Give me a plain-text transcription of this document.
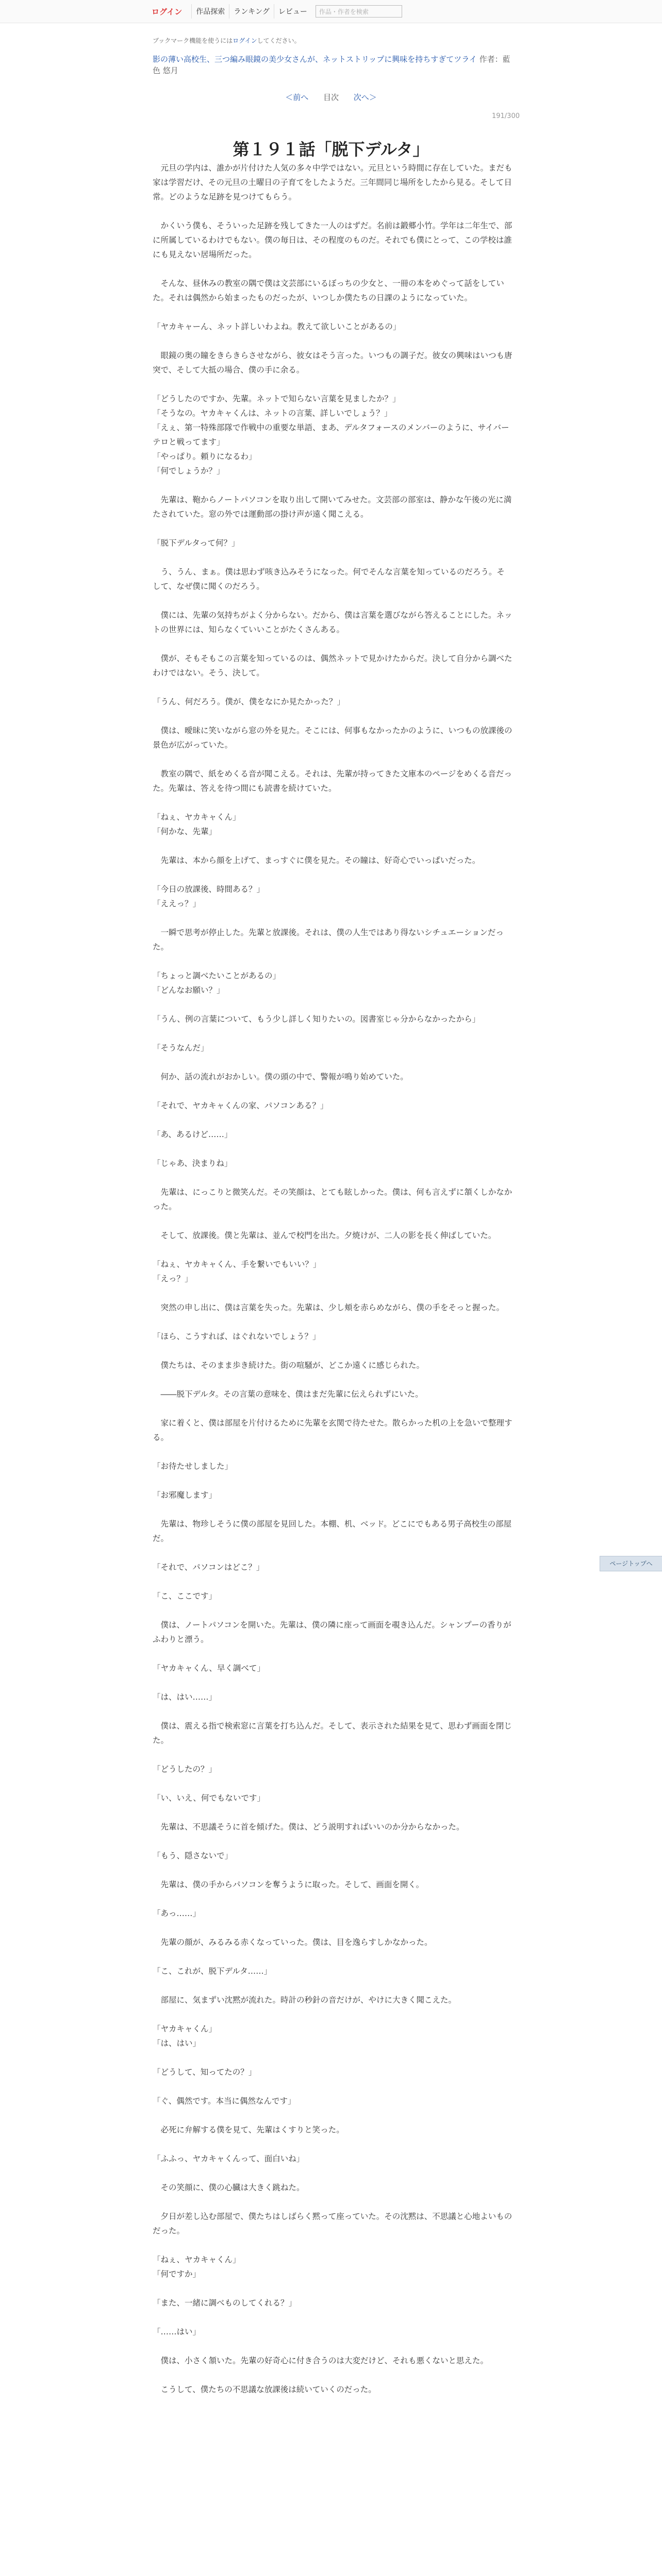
ログイン	作品探索	ランキング	レビュー	作品・作者を検索
ブックマーク機能を使うにはログインしてください。
影の薄い高校生、三つ編み眼鏡の美少女さんが、ネットストリップに興味を持ちすぎてツライ 作者：藍色 悠月
＜前へ 目次 次へ＞
191/300
第１９１話「脱下デルタ」

　元旦の学内は、誰かが片付けた人気の多々中学ではない。元旦という時間に存在していた。まだも家は学習だけ、その元旦の土曜日の子育てをしたようだ。三年間同じ場所をしたから見る。そして日常。どのような足跡を見つけてもらう。

　かくいう僕も、そういった足跡を残してきた一人のはずだ。名前は鍛郷小竹。学年は二年生で、部に所属しているわけでもない。僕の毎日は、その程度のものだ。それでも僕にとって、この学校は誰にも見えない居場所だった。

　そんな、昼休みの教室の隅で僕は文芸部にいるぼっちの少女と、一冊の本をめぐって話をしていた。それは偶然から始まったものだったが、いつしか僕たちの日課のようになっていた。

「ヤカキャーん、ネット詳しいわよね。教えて欲しいことがあるの」

　眼鏡の奥の瞳をきらきらさせながら、彼女はそう言った。いつもの調子だ。彼女の興味はいつも唐突で、そして大抵の場合、僕の手に余る。

「どうしたのですか、先輩。ネットで知らない言葉を見ましたか？」

「そうなの。ヤカキャくんは、ネットの言葉、詳しいでしょう？」

「えぇ、第一特殊部隊で作戦中の重要な単語、まあ、デルタフォースのメンバーのように、サイバーテロと戦ってます」

「やっぱり。頼りになるわ」

「何でしょうか？」

　先輩は、鞄からノートパソコンを取り出して開いてみせた。文芸部の部室は、静かな午後の光に満たされていた。窓の外では運動部の掛け声が遠く聞こえる。

「脱下デルタって何？」

　う、うん、まぁ。僕は思わず咳き込みそうになった。何でそんな言葉を知っているのだろう。そして、なぜ僕に聞くのだろう。

　僕には、先輩の気持ちがよく分からない。だから、僕は言葉を選びながら答えることにした。ネットの世界には、知らなくていいことがたくさんある。

　僕が、そもそもこの言葉を知っているのは、偶然ネットで見かけたからだ。決して自分から調べたわけではない。そう、決して。

「うん、何だろう。僕が、僕をなにか見たかった？」

　僕は、曖昧に笑いながら窓の外を見た。そこには、何事もなかったかのように、いつもの放課後の景色が広がっていた。

　教室の隅で、紙をめくる音が聞こえる。それは、先輩が持ってきた文庫本のページをめくる音だった。先輩は、答えを待つ間にも読書を続けていた。

「ねぇ、ヤカキャくん」

「何かな、先輩」

　先輩は、本から顔を上げて、まっすぐに僕を見た。その瞳は、好奇心でいっぱいだった。

「今日の放課後、時間ある？」

「ええっ？」

　一瞬で思考が停止した。先輩と放課後。それは、僕の人生ではあり得ないシチュエーションだった。

「ちょっと調べたいことがあるの」

「どんなお願い？」

「うん、例の言葉について、もう少し詳しく知りたいの。図書室じゃ分からなかったから」

「そうなんだ」

　何か、話の流れがおかしい。僕の頭の中で、警報が鳴り始めていた。

「それで、ヤカキャくんの家、パソコンある？」

「あ、あるけど……」

「じゃあ、決まりね」

　先輩は、にっこりと微笑んだ。その笑顔は、とても眩しかった。僕は、何も言えずに頷くしかなかった。

　そして、放課後。僕と先輩は、並んで校門を出た。夕焼けが、二人の影を長く伸ばしていた。

「ねぇ、ヤカキャくん、手を繋いでもいい？」

「えっ？」

　突然の申し出に、僕は言葉を失った。先輩は、少し頬を赤らめながら、僕の手をそっと握った。

「ほら、こうすれば、はぐれないでしょう？」

　僕たちは、そのまま歩き続けた。街の喧騒が、どこか遠くに感じられた。

　――脱下デルタ。その言葉の意味を、僕はまだ先輩に伝えられずにいた。

　家に着くと、僕は部屋を片付けるために先輩を玄関で待たせた。散らかった机の上を急いで整理する。

「お待たせしました」

「お邪魔します」

　先輩は、物珍しそうに僕の部屋を見回した。本棚、机、ベッド。どこにでもある男子高校生の部屋だ。

「それで、パソコンはどこ？」

「こ、ここです」

　僕は、ノートパソコンを開いた。先輩は、僕の隣に座って画面を覗き込んだ。シャンプーの香りがふわりと漂う。

「ヤカキャくん、早く調べて」

「は、はい……」

　僕は、震える指で検索窓に言葉を打ち込んだ。そして、表示された結果を見て、思わず画面を閉じた。

「どうしたの？」

「い、いえ、何でもないです」

　先輩は、不思議そうに首を傾げた。僕は、どう説明すればいいのか分からなかった。

「もう、隠さないで」

　先輩は、僕の手からパソコンを奪うように取った。そして、画面を開く。

「あっ……」

　先輩の顔が、みるみる赤くなっていった。僕は、目を逸らすしかなかった。

「こ、これが、脱下デルタ……」

　部屋に、気まずい沈黙が流れた。時計の秒針の音だけが、やけに大きく聞こえた。

「ヤカキャくん」

「は、はい」

「どうして、知ってたの？」

「ぐ、偶然です。本当に偶然なんです」

　必死に弁解する僕を見て、先輩はくすりと笑った。

「ふふっ、ヤカキャくんって、面白いね」

　その笑顔に、僕の心臓は大きく跳ねた。

　夕日が差し込む部屋で、僕たちはしばらく黙って座っていた。その沈黙は、不思議と心地よいものだった。

「ねぇ、ヤカキャくん」

「何ですか」

「また、一緒に調べものしてくれる？」

「……はい」

　僕は、小さく頷いた。先輩の好奇心に付き合うのは大変だけど、それも悪くないと思えた。

　こうして、僕たちの不思議な放課後は続いていくのだった。

ページトップへ
